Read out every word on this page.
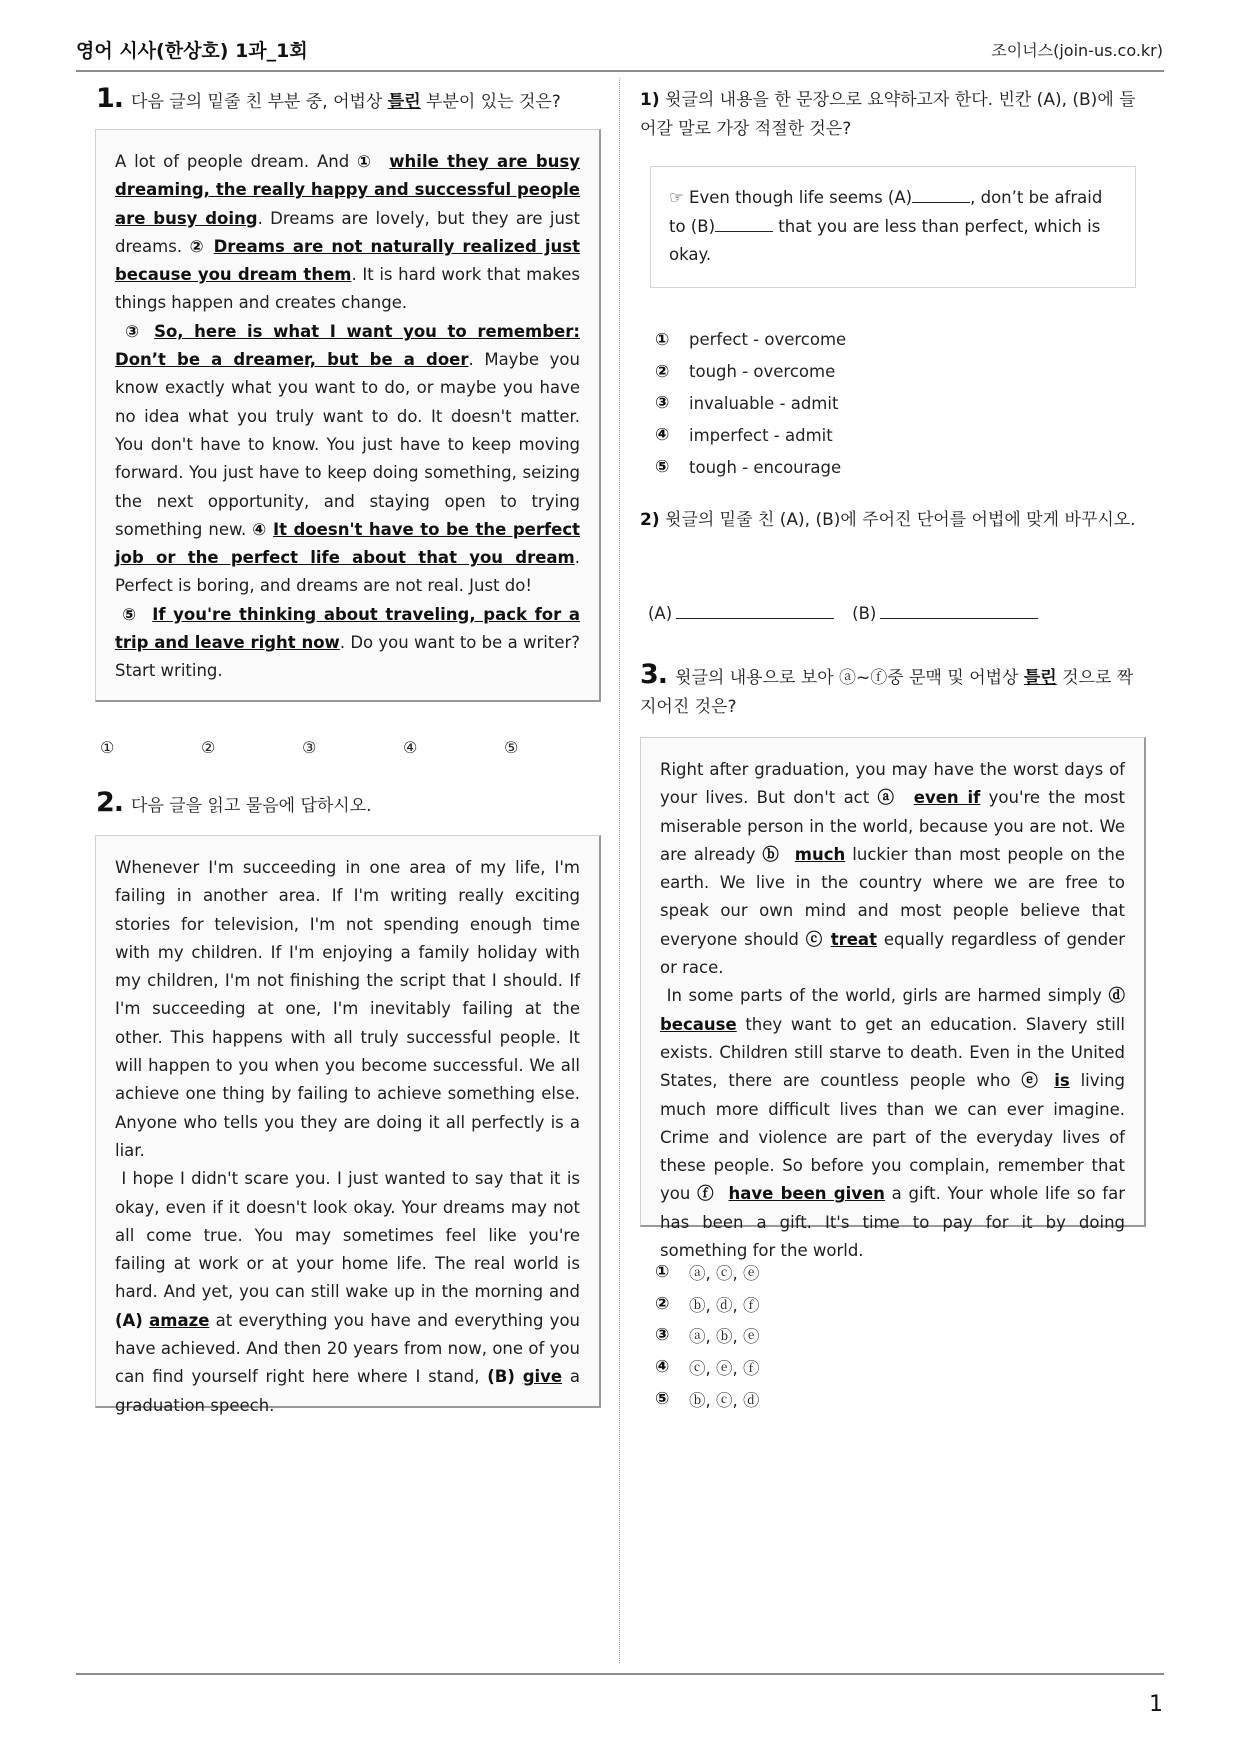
영어 시사(한상호) 1과_1회	조이너스(join-us.co.kr)
1. 다음 글의 밑줄 친 부분 중, 어법상 틀린 부분이 있는 것은?

A lot of people dream. And ① while they are busy dreaming, the really happy and successful people are busy doing. Dreams are lovely, but they are just dreams. ② Dreams are not naturally realized just because you dream them. It is hard work that makes things happen and creates change.

③ So, here is what I want you to remember: Don’t be a dreamer, but be a doer. Maybe you know exactly what you want to do, or maybe you have no idea what you truly want to do. It doesn't matter. You don't have to know. You just have to keep moving forward. You just have to keep doing something, seizing the next opportunity, and staying open to trying something new. ④ It doesn't have to be the perfect job or the perfect life about that you dream. Perfect is boring, and dreams are not real. Just do!

⑤ If you're thinking about traveling, pack for a trip and leave right now. Do you want to be a writer? Start writing.

①	②	③	④	⑤
2. 다음 글을 읽고 물음에 답하시오.

Whenever I'm succeeding in one area of my life, I'm failing in another area. If I'm writing really exciting stories for television, I'm not spending enough time with my children. If I'm enjoying a family holiday with my children, I'm not finishing the script that I should. If I'm succeeding at one, I'm inevitably failing at the other. This happens with all truly successful people. It will happen to you when you become successful. We all achieve one thing by failing to achieve something else. Anyone who tells you they are doing it all perfectly is a liar.

I hope I didn't scare you. I just wanted to say that it is okay, even if it doesn't look okay. Your dreams may not all come true. You may sometimes feel like you're failing at work or at your home life. The real world is hard. And yet, you can still wake up in the morning and (A) amaze at everything you have and everything you have achieved. And then 20 years from now, one of you can find yourself right here where I stand, (B) give a graduation speech.

1) 윗글의 내용을 한 문장으로 요약하고자 한다. 빈칸 (A), (B)에 들어갈 말로 가장 적절한 것은?
☞ Even though life seems (A)	, don’t be afraid to (B)	that you are less than perfect, which is okay.
①	perfect - overcome
②	tough - overcome
③	invaluable - admit
④	imperfect - admit
⑤	tough - encourage
2) 윗글의 밑줄 친 (A), (B)에 주어진 단어를 어법에 맞게 바꾸시오.
(A)	(B)
3. 윗글의 내용으로 보아 ⓐ~ⓕ중 문맥 및 어법상 틀린 것으로 짝지어진 것은?

Right after graduation, you may have the worst days of your lives. But don't act ⓐ even if you're the most miserable person in the world, because you are not. We are already ⓑ much luckier than most people on the earth. We live in the country where we are free to speak our own mind and most people believe that everyone should ⓒ treat equally regardless of gender or race.

In some parts of the world, girls are harmed simply ⓓ because they want to get an education. Slavery still exists. Children still starve to death. Even in the United States, there are countless people who ⓔ is living much more difficult lives than we can ever imagine. Crime and violence are part of the everyday lives of these people. So before you complain, remember that you ⓕ have been given a gift. Your whole life so far has been a gift. It's time to pay for it by doing something for the world.

①	ⓐ, ⓒ, ⓔ
②	ⓑ, ⓓ, ⓕ
③	ⓐ, ⓑ, ⓔ
④	ⓒ, ⓔ, ⓕ
⑤	ⓑ, ⓒ, ⓓ
1
